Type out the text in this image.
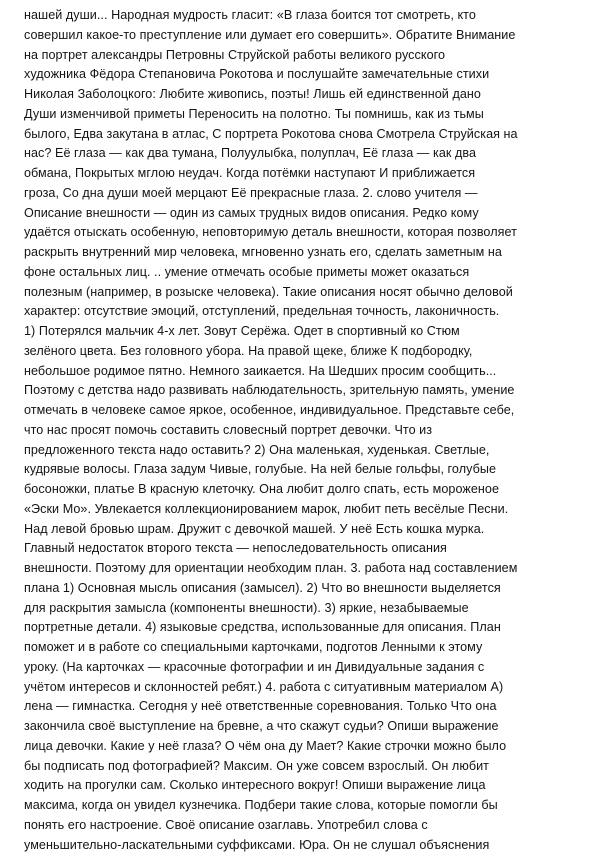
нашей души... Народная мудрость гласит: «В глаза боится тот смотреть, кто
совершил какое-то преступление или думает его совершить». Обратите Внимание
на портрет александры Петровны Струйской работы великого русского
художника Фёдора Степановича Рокотова и послушайте замечательные стихи
Николая Заболоцкого: Любите живопись, поэты! Лишь ей единственной дано
Души изменчивой приметы Переносить на полотно. Ты помнишь, как из тьмы
былого, Едва закутана в атлас, С портрета Рокотова снова Смотрела Струйская на
нас? Её глаза — как два тумана, Полуулыбка, полуплач, Её глаза — как два
обмана, Покрытых мглою неудач. Когда потёмки наступают И приближается
гроза, Со дна души моей мерцают Её прекрасные глаза. 2. слово учителя —
Описание внешности — один из самых трудных видов описания. Редко кому
удаётся отыскать особенную, неповторимую деталь внешности, которая позволяет
раскрыть внутренний мир человека, мгновенно узнать его, сделать заметным на
фоне остальных лиц. .. умение отмечать особые приметы может оказаться
полезным (например, в розыске человека). Такие описания носят обычно деловой
характер: отсутствие эмоций, отступлений, предельная точность, лаконичность.
1) Потерялся мальчик 4-х лет. Зовут Серёжа. Одет в спортивный ко Стюм
зелёного цвета. Без головного убора. На правой щеке, ближе К подбородку,
небольшое родимое пятно. Немного заикается. На Шедших просим сообщить...
Поэтому с детства надо развивать наблюдательность, зрительную память, умение
отмечать в человеке самое яркое, особенное, индивидуальное. Представьте себе,
что нас просят помочь составить словесный портрет девочки. Что из
предложенного текста надо оставить? 2) Она маленькая, худенькая. Светлые,
кудрявые волосы. Глаза задум Чивые, голубые. На ней белые гольфы, голубые
босоножки, платье В красную клеточку. Она любит долго спать, есть мороженое
«Эски Мо». Увлекается коллекционированием марок, любит петь весёлые Песни.
Над левой бровью шрам. Дружит с девочкой машей. У неё Есть кошка мурка.
Главный недостаток второго текста — непоследовательность описания
внешности. Поэтому для ориентации необходим план. 3. работа над составлением
плана 1) Основная мысль описания (замысел). 2) Что во внешности выделяется
для раскрытия замысла (компоненты внешности). 3) яркие, незабываемые
портретные детали. 4) языковые средства, использованные для описания. План
поможет и в работе со специальными карточками, подготов Ленными к этому
уроку. (На карточках — красочные фотографии и ин Дивидуальные задания с
учётом интересов и склонностей ребят.) 4. работа с ситуативным материалом А)
лена — гимнастка. Сегодня у неё ответственные соревнования. Только Что она
закончила своё выступление на бревне, а что скажут судьи? Опиши выражение
лица девочки. Какие у неё глаза? О чём она ду Мает? Какие строчки можно было
бы подписать под фотографией? Максим. Он уже совсем взрослый. Он любит
ходить на прогулки сам. Сколько интересного вокруг! Опиши выражение лица
максима, когда он увидел кузнечика. Подбери такие слова, которые помогли бы
понять его настроение. Своё описание озаглавь. Употребил слова с
уменьшительно-ласкательными суффиксами. Юра. Он не слушал объяснения
